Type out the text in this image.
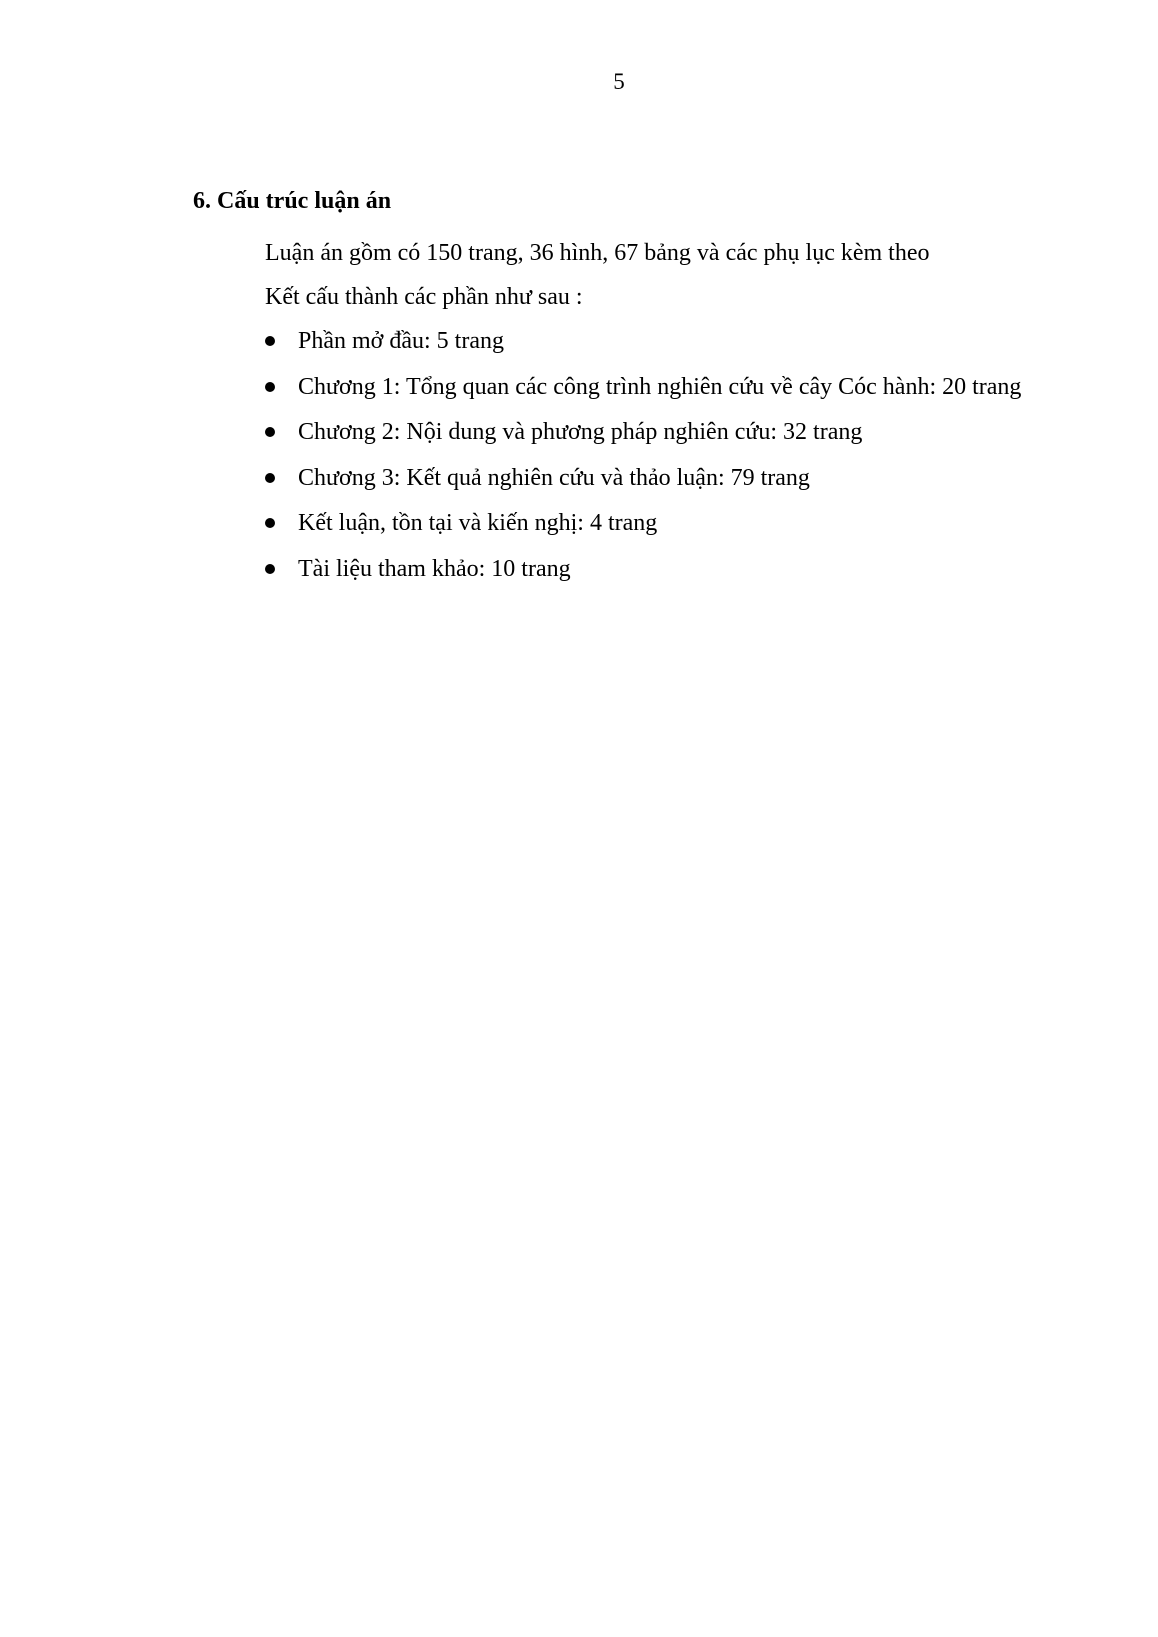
5
6. Cấu trúc luận án
Luận án gồm có 150 trang, 36 hình, 67 bảng và các phụ lục kèm theo
Kết cấu thành các phần như sau :
Phần mở đầu: 5 trang
Chương 1: Tổng quan các công trình nghiên cứu về cây Cóc hành: 20 trang
Chương 2: Nội dung và phương pháp nghiên cứu: 32 trang
Chương 3: Kết quả nghiên cứu và thảo luận: 79 trang
Kết luận, tồn tại và kiến nghị: 4 trang
Tài liệu tham khảo: 10 trang
